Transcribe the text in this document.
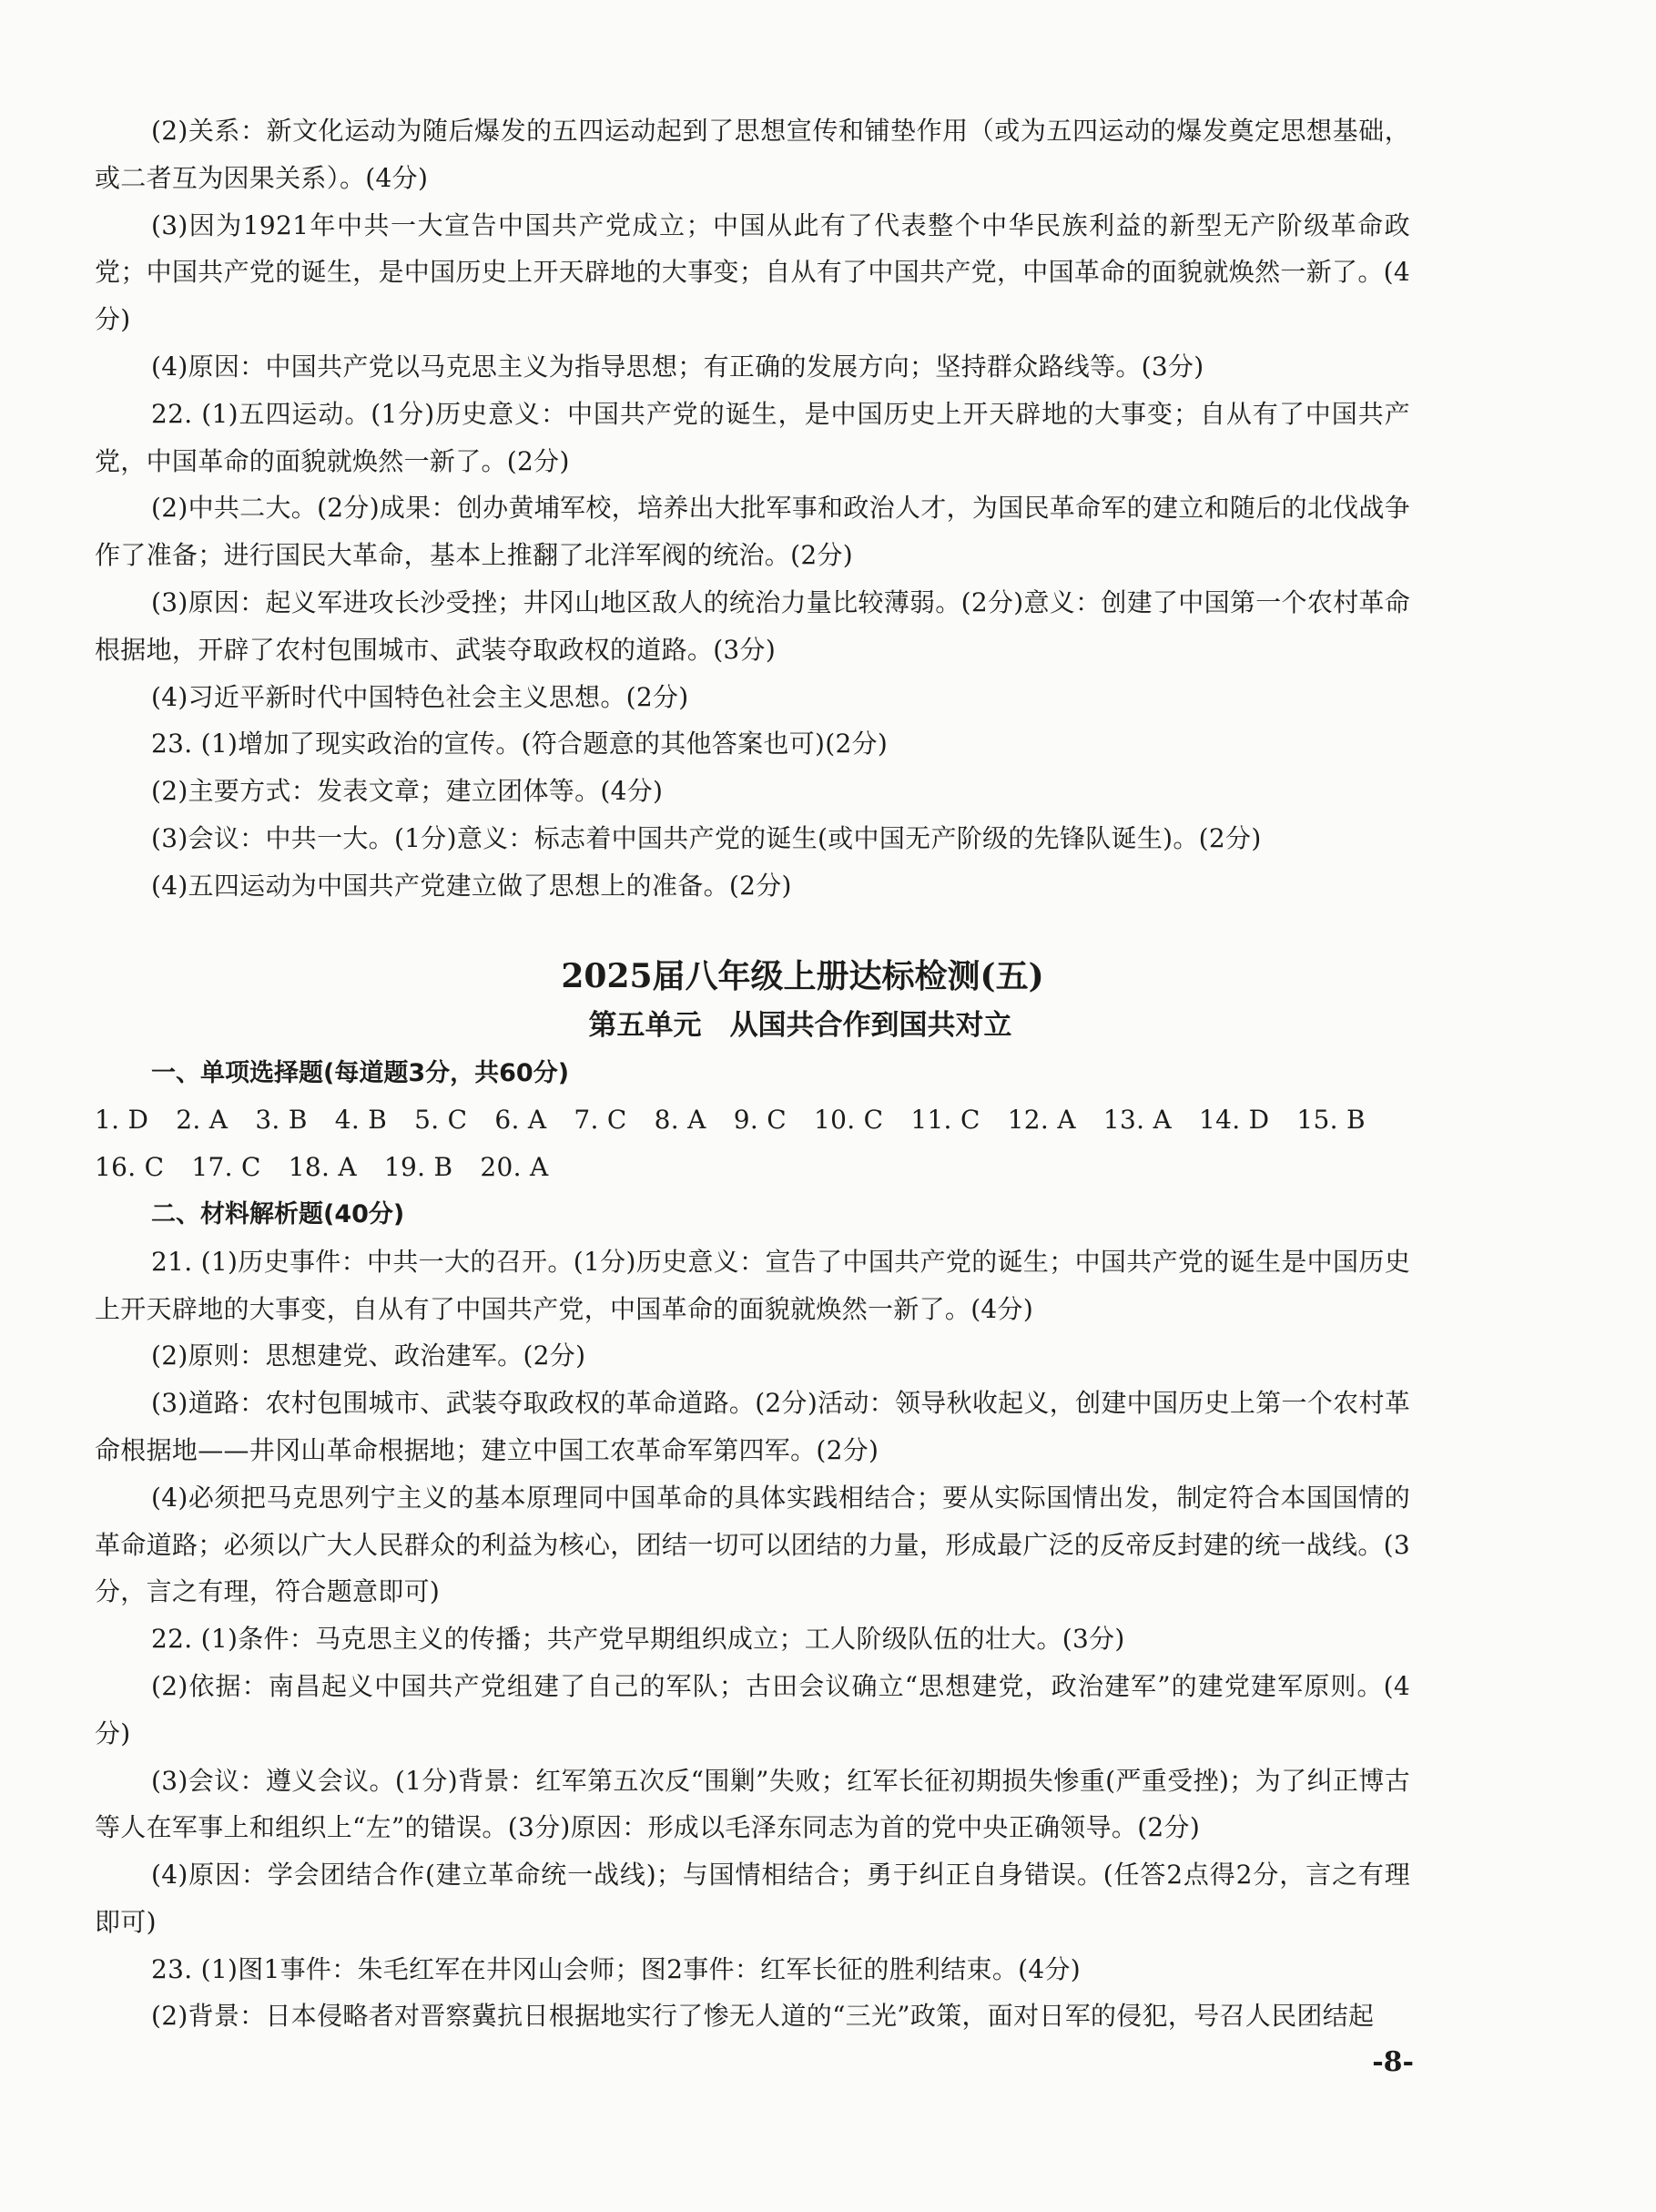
(2)关系：新文化运动为随后爆发的五四运动起到了思想宣传和铺垫作用（或为五四运动的爆发奠定思想基础，或二者互为因果关系）。(4分)

(3)因为1921年中共一大宣告中国共产党成立；中国从此有了代表整个中华民族利益的新型无产阶级革命政党；中国共产党的诞生，是中国历史上开天辟地的大事变；自从有了中国共产党，中国革命的面貌就焕然一新了。(4分)

(4)原因：中国共产党以马克思主义为指导思想；有正确的发展方向；坚持群众路线等。(3分)

22. (1)五四运动。(1分)历史意义：中国共产党的诞生，是中国历史上开天辟地的大事变；自从有了中国共产党，中国革命的面貌就焕然一新了。(2分)

(2)中共二大。(2分)成果：创办黄埔军校，培养出大批军事和政治人才，为国民革命军的建立和随后的北伐战争作了准备；进行国民大革命，基本上推翻了北洋军阀的统治。(2分)

(3)原因：起义军进攻长沙受挫；井冈山地区敌人的统治力量比较薄弱。(2分)意义：创建了中国第一个农村革命根据地，开辟了农村包围城市、武装夺取政权的道路。(3分)

(4)习近平新时代中国特色社会主义思想。(2分)

23. (1)增加了现实政治的宣传。(符合题意的其他答案也可)(2分)

(2)主要方式：发表文章；建立团体等。(4分)

(3)会议：中共一大。(1分)意义：标志着中国共产党的诞生(或中国无产阶级的先锋队诞生)。(2分)

(4)五四运动为中国共产党建立做了思想上的准备。(2分)

2025届八年级上册达标检测(五)
第五单元　从国共合作到国共对立

一、单项选择题(每道题3分，共60分)

1. D 2. A 3. B 4. B 5. C 6. A 7. C 8. A 9. C 10. C 11. C 12. A 13. A 14. D 15. B

16. C 17. C 18. A 19. B 20. A

二、材料解析题(40分)

21. (1)历史事件：中共一大的召开。(1分)历史意义：宣告了中国共产党的诞生；中国共产党的诞生是中国历史上开天辟地的大事变，自从有了中国共产党，中国革命的面貌就焕然一新了。(4分)

(2)原则：思想建党、政治建军。(2分)

(3)道路：农村包围城市、武装夺取政权的革命道路。(2分)活动：领导秋收起义，创建中国历史上第一个农村革命根据地——井冈山革命根据地；建立中国工农革命军第四军。(2分)

(4)必须把马克思列宁主义的基本原理同中国革命的具体实践相结合；要从实际国情出发，制定符合本国国情的革命道路；必须以广大人民群众的利益为核心，团结一切可以团结的力量，形成最广泛的反帝反封建的统一战线。(3分，言之有理，符合题意即可)

22. (1)条件：马克思主义的传播；共产党早期组织成立；工人阶级队伍的壮大。(3分)

(2)依据：南昌起义中国共产党组建了自己的军队；古田会议确立“思想建党，政治建军”的建党建军原则。(4分)

(3)会议：遵义会议。(1分)背景：红军第五次反“围剿”失败；红军长征初期损失惨重(严重受挫)；为了纠正博古等人在军事上和组织上“左”的错误。(3分)原因：形成以毛泽东同志为首的党中央正确领导。(2分)

(4)原因：学会团结合作(建立革命统一战线)；与国情相结合；勇于纠正自身错误。(任答2点得2分，言之有理即可)

23. (1)图1事件：朱毛红军在井冈山会师；图2事件：红军长征的胜利结束。(4分)

(2)背景：日本侵略者对晋察冀抗日根据地实行了惨无人道的“三光”政策，面对日军的侵犯，号召人民团结起

-8-
